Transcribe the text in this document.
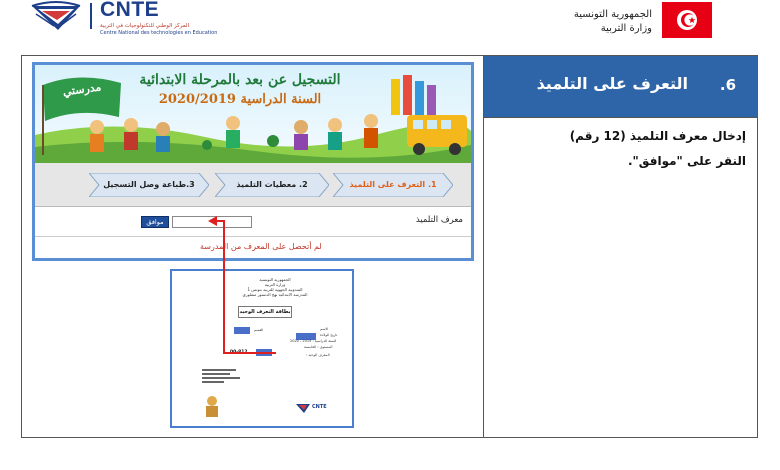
CNTE
المركز الوطني للتكنولوجيات في التربية
Centre National des technologies en Education
الجمهورية التونسية
وزارة التربية
مدرستي
التسجيل عن بعد بالمرحلة الابتدائية
السنة الدراسية 2020/2019
1. التعرف على التلميذ
2. معطيات التلميذ
3.طباعة وصل التسجيل
معرف التلميذ
موافق
لم أتحصل على المعرف من المدرسة
الجمهورية التونسية
وزارة التربية
المندوبية الجهوية للتربية بتونس 1
المدرسة الابتدائية نهج الدستور منفلوري
بطاقة التعرف الوحيد
القسم	الاسم
تاريخ الولادة
السنة الدراسية : 2019 - 2020
المستوى : الخامسة
المعرف الوحيد :
00-812
CNTE
6.
التعرف على التلميذ
إدخال معرف التلميذ (12 رقم)
النقر على "موافق".
